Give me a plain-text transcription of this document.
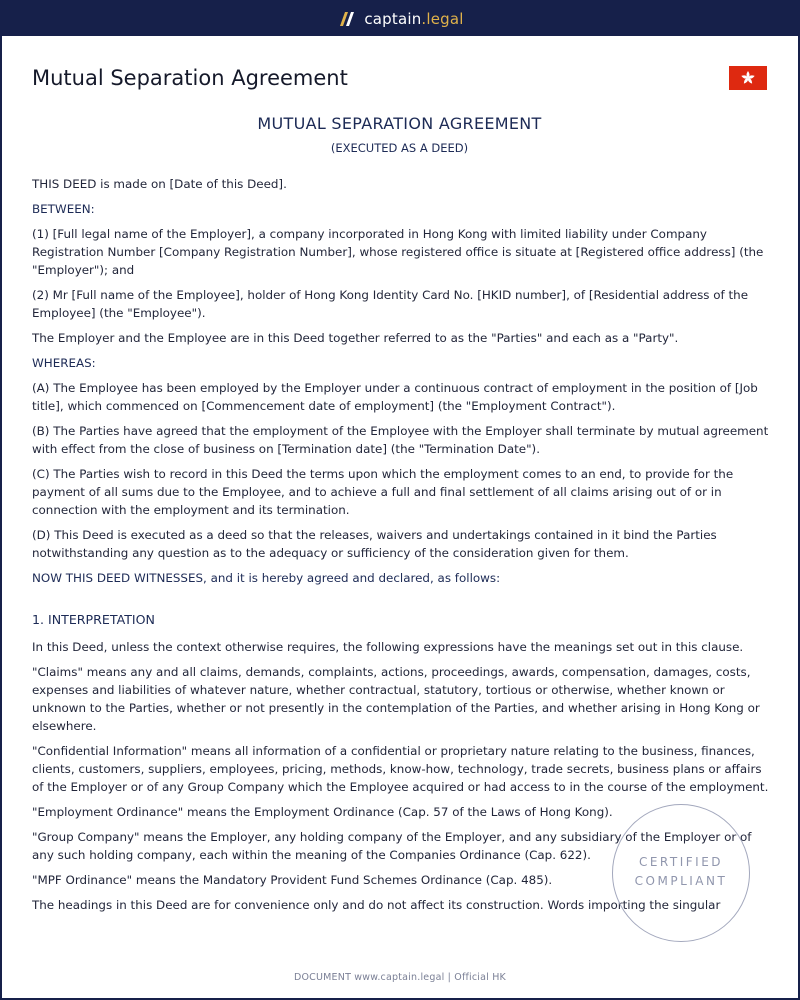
captain.legal
Mutual Separation Agreement
MUTUAL SEPARATION AGREEMENT
(EXECUTED AS A DEED)

THIS DEED is made on [Date of this Deed].

BETWEEN:

(1) [Full legal name of the Employer], a company incorporated in Hong Kong with limited liability under Company Registration Number [Company Registration Number], whose registered office is situate at [Registered office address] (the "Employer"); and

(2) Mr [Full name of the Employee], holder of Hong Kong Identity Card No. [HKID number], of [Residential address of the Employee] (the "Employee").

The Employer and the Employee are in this Deed together referred to as the "Parties" and each as a "Party".

WHEREAS:

(A) The Employee has been employed by the Employer under a continuous contract of employment in the position of [Job title], which commenced on [Commencement date of employment] (the "Employment Contract").

(B) The Parties have agreed that the employment of the Employee with the Employer shall terminate by mutual agreement with effect from the close of business on [Termination date] (the "Termination Date").

(C) The Parties wish to record in this Deed the terms upon which the employment comes to an end, to provide for the payment of all sums due to the Employee, and to achieve a full and final settlement of all claims arising out of or in connection with the employment and its termination.

(D) This Deed is executed as a deed so that the releases, waivers and undertakings contained in it bind the Parties notwithstanding any question as to the adequacy or sufficiency of the consideration given for them.

NOW THIS DEED WITNESSES, and it is hereby agreed and declared, as follows:

1. INTERPRETATION

In this Deed, unless the context otherwise requires, the following expressions have the meanings set out in this clause.

"Claims" means any and all claims, demands, complaints, actions, proceedings, awards, compensation, damages, costs, expenses and liabilities of whatever nature, whether contractual, statutory, tortious or otherwise, whether known or unknown to the Parties, whether or not presently in the contemplation of the Parties, and whether arising in Hong Kong or elsewhere.

"Confidential Information" means all information of a confidential or proprietary nature relating to the business, finances, clients, customers, suppliers, employees, pricing, methods, know-how, technology, trade secrets, business plans or affairs of the Employer or of any Group Company which the Employee acquired or had access to in the course of the employment.

"Employment Ordinance" means the Employment Ordinance (Cap. 57 of the Laws of Hong Kong).

"Group Company" means the Employer, any holding company of the Employer, and any subsidiary of the Employer or of any such holding company, each within the meaning of the Companies Ordinance (Cap. 622).

"MPF Ordinance" means the Mandatory Provident Fund Schemes Ordinance (Cap. 485).

The headings in this Deed are for convenience only and do not affect its construction. Words importing the singular

CERTIFIED
COMPLIANT
DOCUMENT www.captain.legal | Official HK
